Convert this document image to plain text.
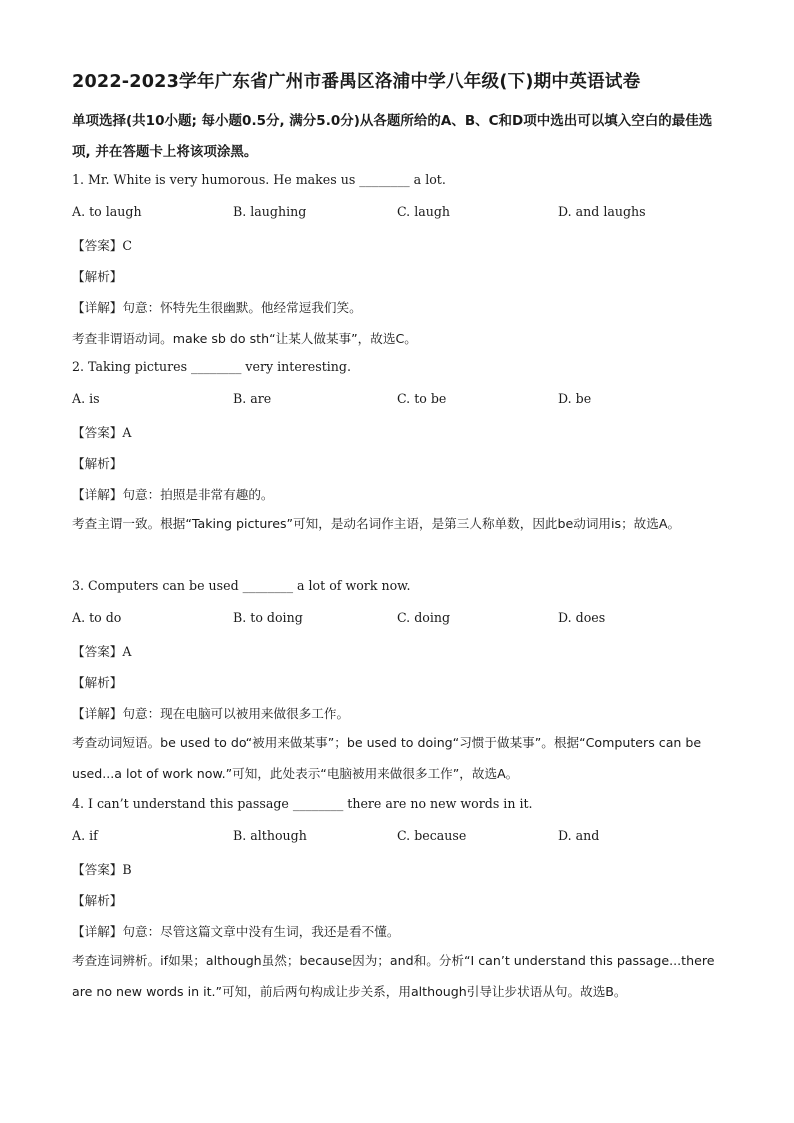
2022-2023学年广东省广州市番禺区洛浦中学八年级(下)期中英语试卷
单项选择(共10小题; 每小题0.5分, 满分5.0分)从各题所给的A、B、C和D项中选出可以填入空白的最佳选项, 并在答题卡上将该项涂黑。
1. Mr. White is very humorous. He makes us ________ a lot.
A. to laugh	B. laughing	C. laugh	D. and laughs
【答案】C
【解析】
【详解】句意：怀特先生很幽默。他经常逗我们笑。
考查非谓语动词。make sb do sth“让某人做某事”，故选C。
2. Taking pictures ________ very interesting.
A. is	B. are	C. to be	D. be
【答案】A
【解析】
【详解】句意：拍照是非常有趣的。
考查主谓一致。根据“Taking pictures”可知，是动名词作主语，是第三人称单数，因此be动词用is；故选A。
3. Computers can be used ________ a lot of work now.
A. to do	B. to doing	C. doing	D. does
【答案】A
【解析】
【详解】句意：现在电脑可以被用来做很多工作。
考查动词短语。be used to do“被用来做某事”；be used to doing“习惯于做某事”。根据“Computers can be used...a lot of work now.”可知，此处表示“电脑被用来做很多工作”，故选A。
4. I can’t understand this passage ________ there are no new words in it.
A. if	B. although	C. because	D. and
【答案】B
【解析】
【详解】句意：尽管这篇文章中没有生词，我还是看不懂。
考查连词辨析。if如果；although虽然；because因为；and和。分析“I can’t understand this passage...there are no new words in it.”可知，前后两句构成让步关系，用although引导让步状语从句。故选B。
